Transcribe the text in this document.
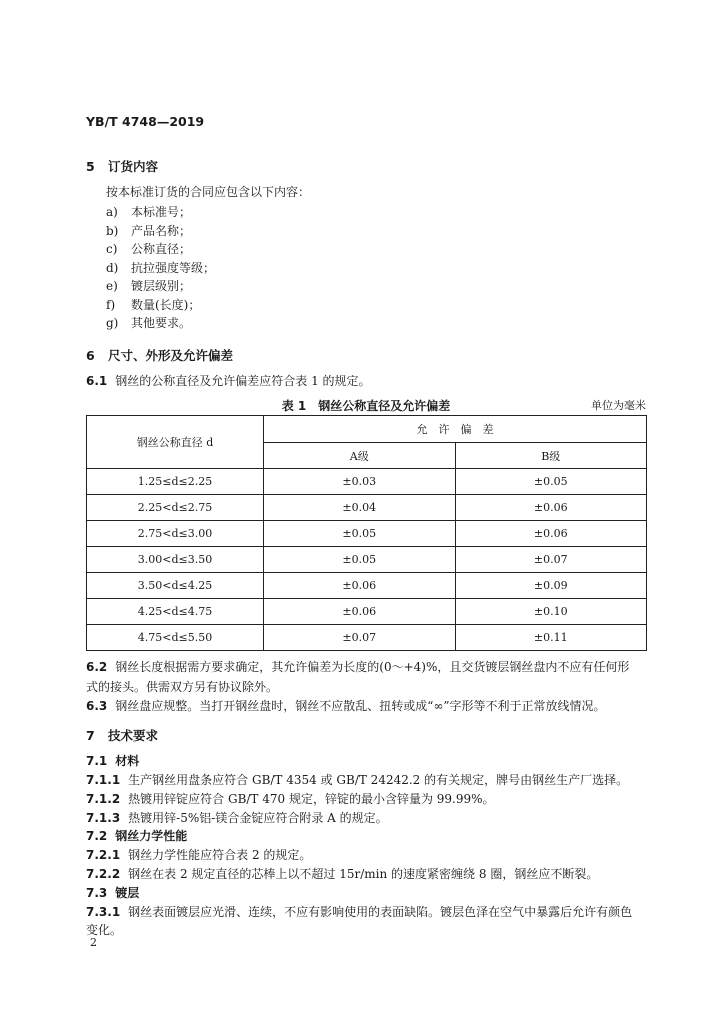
YB/T 4748—2019
5 订货内容
按本标准订货的合同应包含以下内容：
a) 本标准号；
b) 产品名称；
c) 公称直径；
d) 抗拉强度等级；
e) 镀层级别；
f) 数量(长度)；
g) 其他要求。
6 尺寸、外形及允许偏差
6.1 钢丝的公称直径及允许偏差应符合表 1 的规定。
表 1　钢丝公称直径及允许偏差	单位为毫米
钢丝公称直径 d	允　许　偏　差	
	A级	B级
1.25≤d≤2.25	±0.03	±0.05
2.25<d≤2.75	±0.04	±0.06
2.75<d≤3.00	±0.05	±0.06
3.00<d≤3.50	±0.05	±0.07
3.50<d≤4.25	±0.06	±0.09
4.25<d≤4.75	±0.06	±0.10
4.75<d≤5.50	±0.07	±0.11
6.2 钢丝长度根据需方要求确定，其允许偏差为长度的(0～+4)%，且交货镀层钢丝盘内不应有任何形
式的接头。供需双方另有协议除外。
6.3 钢丝盘应规整。当打开钢丝盘时，钢丝不应散乱、扭转或成“∞”字形等不利于正常放线情况。
7 技术要求
7.1 材料
7.1.1 生产钢丝用盘条应符合 GB/T 4354 或 GB/T 24242.2 的有关规定，牌号由钢丝生产厂选择。
7.1.2 热镀用锌锭应符合 GB/T 470 规定，锌锭的最小含锌量为 99.99%。
7.1.3 热镀用锌-5%铝-镁合金锭应符合附录 A 的规定。
7.2 钢丝力学性能
7.2.1 钢丝力学性能应符合表 2 的规定。
7.2.2 钢丝在表 2 规定直径的芯棒上以不超过 15r/min 的速度紧密缠绕 8 圈，钢丝应不断裂。
7.3 镀层
7.3.1 钢丝表面镀层应光滑、连续，不应有影响使用的表面缺陷。镀层色泽在空气中暴露后允许有颜色
变化。
2
